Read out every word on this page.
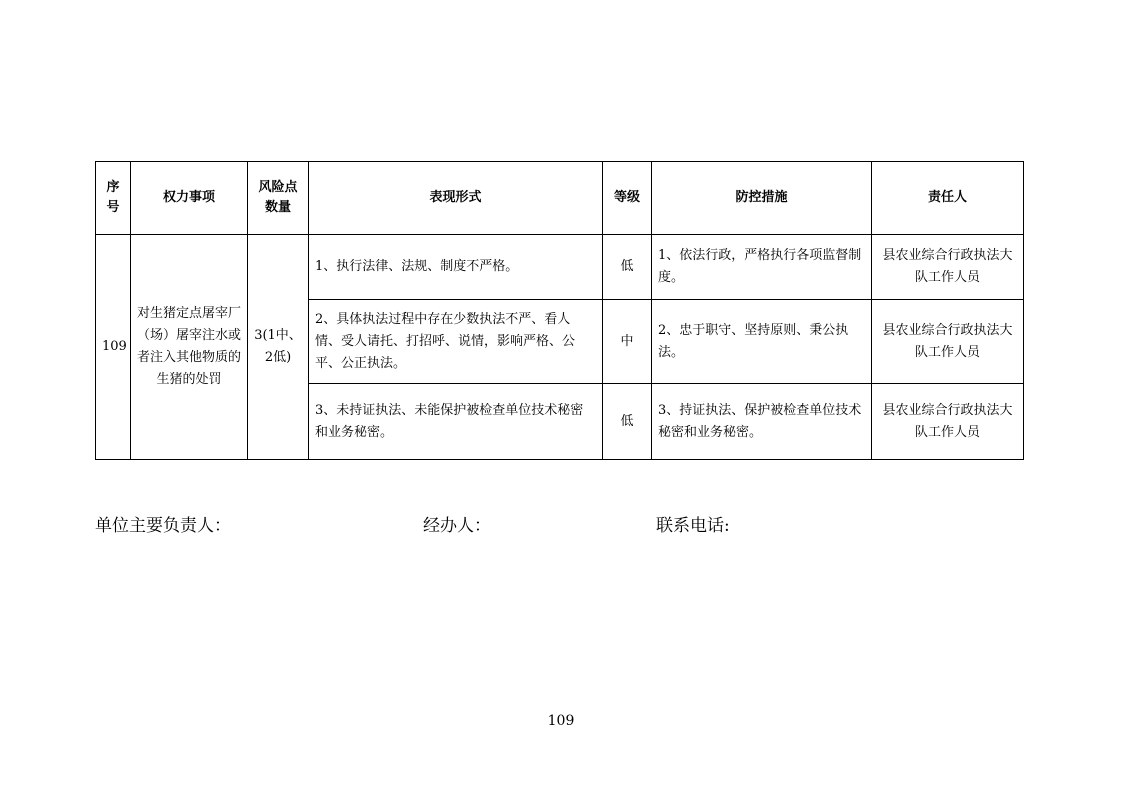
序号	权力事项	风险点数量	表现形式	等级	防控措施	责任人
109	对生猪定点屠宰厂（场）屠宰注水或者注入其他物质的生猪的处罚	3(1中、2低)	1、执行法律、法规、制度不严格。	低	1、依法行政，严格执行各项监督制度。	县农业综合行政执法大队工作人员
			2、具体执法过程中存在少数执法不严、看人情、受人请托、打招呼、说情，影响严格、公平、公正执法。	中	2、忠于职守、坚持原则、秉公执法。	县农业综合行政执法大队工作人员
			3、未持证执法、未能保护被检查单位技术秘密和业务秘密。	低	3、持证执法、保护被检查单位技术秘密和业务秘密。	县农业综合行政执法大队工作人员
单位主要负责人：	经办人：	联系电话:
109
